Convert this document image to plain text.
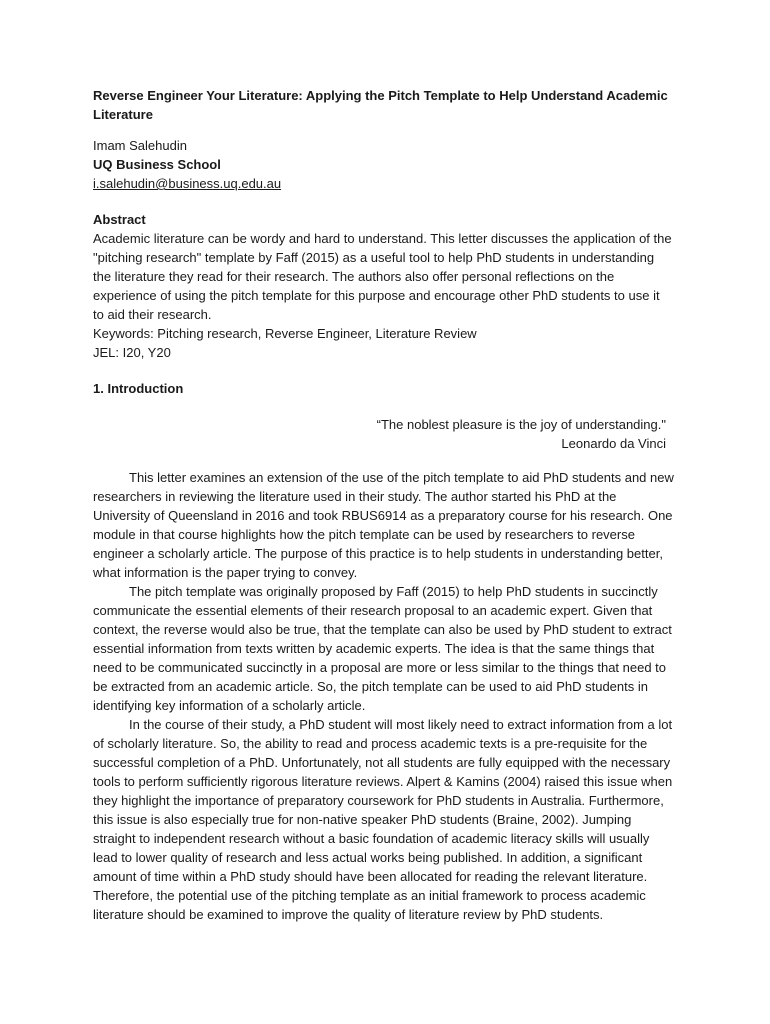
Reverse Engineer Your Literature: Applying the Pitch Template to Help Understand Academic Literature
Imam Salehudin
UQ Business School
i.salehudin@business.uq.edu.au
Abstract
Academic literature can be wordy and hard to understand. This letter discusses the application of the "pitching research" template by Faff (2015) as a useful tool to help PhD students in understanding the literature they read for their research. The authors also offer personal reflections on the experience of using the pitch template for this purpose and encourage other PhD students to use it to aid their research.
Keywords: Pitching research, Reverse Engineer, Literature Review
JEL: I20, Y20
1. Introduction
“The noblest pleasure is the joy of understanding."
Leonardo da Vinci

This letter examines an extension of the use of the pitch template to aid PhD students and new researchers in reviewing the literature used in their study. The author started his PhD at the University of Queensland in 2016 and took RBUS6914 as a preparatory course for his research. One module in that course highlights how the pitch template can be used by researchers to reverse engineer a scholarly article. The purpose of this practice is to help students in understanding better, what information is the paper trying to convey.

The pitch template was originally proposed by Faff (2015) to help PhD students in succinctly communicate the essential elements of their research proposal to an academic expert. Given that context, the reverse would also be true, that the template can also be used by PhD student to extract essential information from texts written by academic experts. The idea is that the same things that need to be communicated succinctly in a proposal are more or less similar to the things that need to be extracted from an academic article. So, the pitch template can be used to aid PhD students in identifying key information of a scholarly article.

In the course of their study, a PhD student will most likely need to extract information from a lot of scholarly literature. So, the ability to read and process academic texts is a pre-requisite for the successful completion of a PhD. Unfortunately, not all students are fully equipped with the necessary tools to perform sufficiently rigorous literature reviews. Alpert & Kamins (2004) raised this issue when they highlight the importance of preparatory coursework for PhD students in Australia. Furthermore, this issue is also especially true for non-native speaker PhD students (Braine, 2002). Jumping straight to independent research without a basic foundation of academic literacy skills will usually lead to lower quality of research and less actual works being published. In addition, a significant amount of time within a PhD study should have been allocated for reading the relevant literature. Therefore, the potential use of the pitching template as an initial framework to process academic literature should be examined to improve the quality of literature review by PhD students.
